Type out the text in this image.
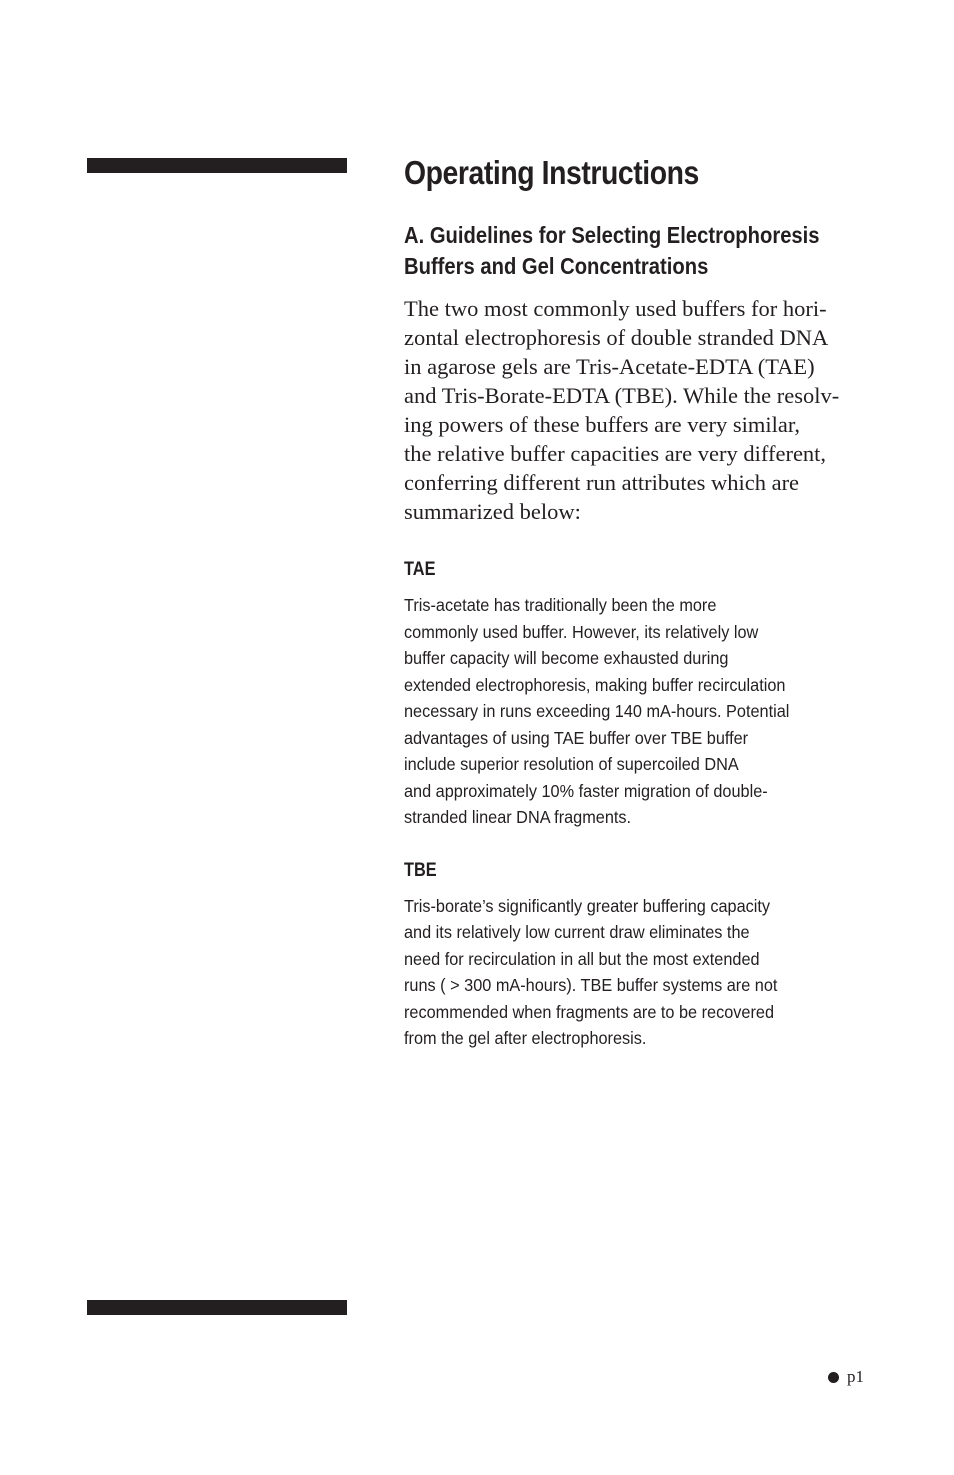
Operating Instructions
A. Guidelines for Selecting Electrophoresis
Buffers and Gel Concentrations

The two most commonly used buffers for hori-
zontal electrophoresis of double stranded DNA
in agarose gels are Tris-Acetate-EDTA (TAE)
and Tris-Borate-EDTA (TBE). While the resolv-
ing powers of these buffers are very similar,
the relative buffer capacities are very different,
conferring different run attributes which are
summarized below:

TAE

Tris-acetate has traditionally been the more
commonly used buffer. However, its relatively low
buffer capacity will become exhausted during
extended electrophoresis, making buffer recirculation
necessary in runs exceeding 140 mA-hours. Potential
advantages of using TAE buffer over TBE buffer
include superior resolution of supercoiled DNA
and approximately 10% faster migration of double-
stranded linear DNA fragments.

TBE

Tris-borate’s significantly greater buffering capacity
and its relatively low current draw eliminates the
need for recirculation in all but the most extended
runs ( > 300 mA-hours). TBE buffer systems are not
recommended when fragments are to be recovered
from the gel after electrophoresis.

p1
